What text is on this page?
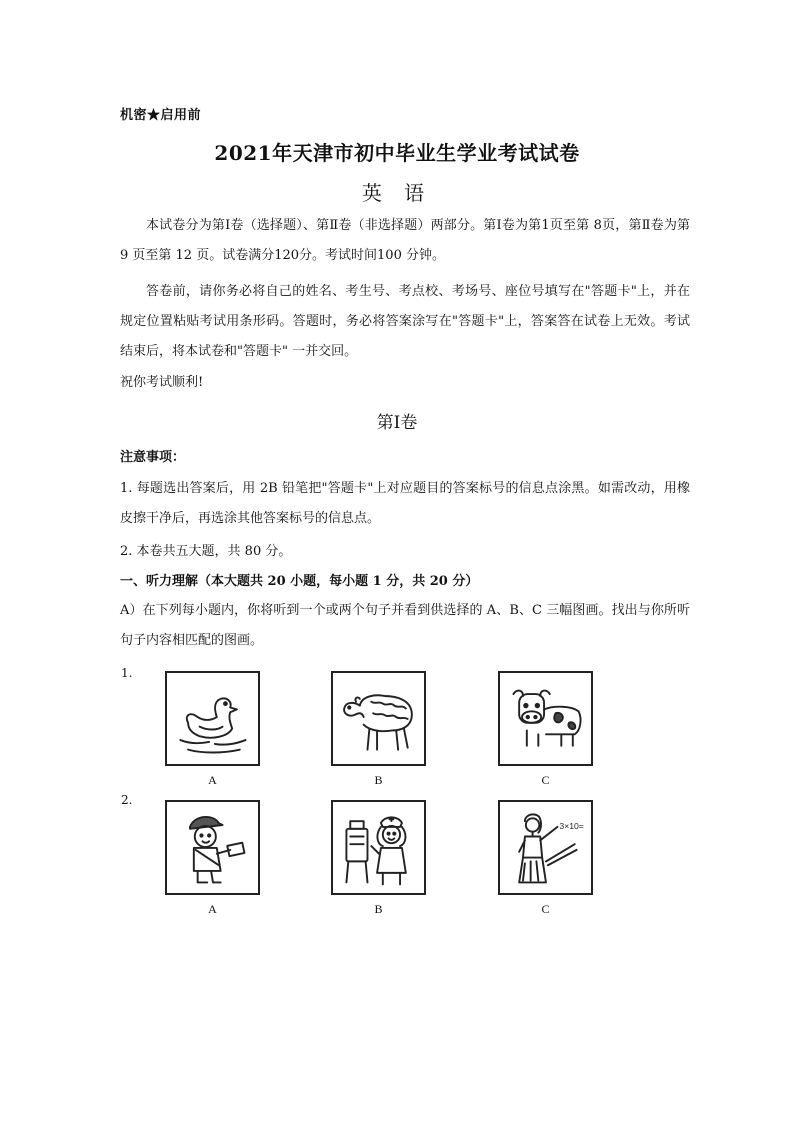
机密★启用前
2021年天津市初中毕业生学业考试试卷
英 语
本试卷分为第Ⅰ卷（选择题）、第Ⅱ卷（非选择题）两部分。第Ⅰ卷为第1页至第 8页，第Ⅱ卷为第9 页至第 12 页。试卷满分120分。考试时间100 分钟。
答卷前，请你务必将自己的姓名、考生号、考点校、考场号、座位号填写在"答题卡"上，并在规定位置粘贴考试用条形码。答题时，务必将答案涂写在"答题卡"上，答案答在试卷上无效。考试结束后，将本试卷和"答题卡" 一并交回。
祝你考试顺利!
第Ⅰ卷
注意事项：
1. 每题选出答案后，用 2B 铅笔把"答题卡"上对应题目的答案标号的信息点涂黑。如需改动，用橡皮擦干净后，再选涂其他答案标号的信息点。
2. 本卷共五大题，共 80 分。
一、听力理解（本大题共 20 小题，每小题 1 分，共 20 分）
A）在下列每小题内，你将听到一个或两个句子并看到供选择的 A、B、C 三幅图画。找出与你所听句子内容相匹配的图画。
1.
A	B	C
2.
A	B
3×10=
C
